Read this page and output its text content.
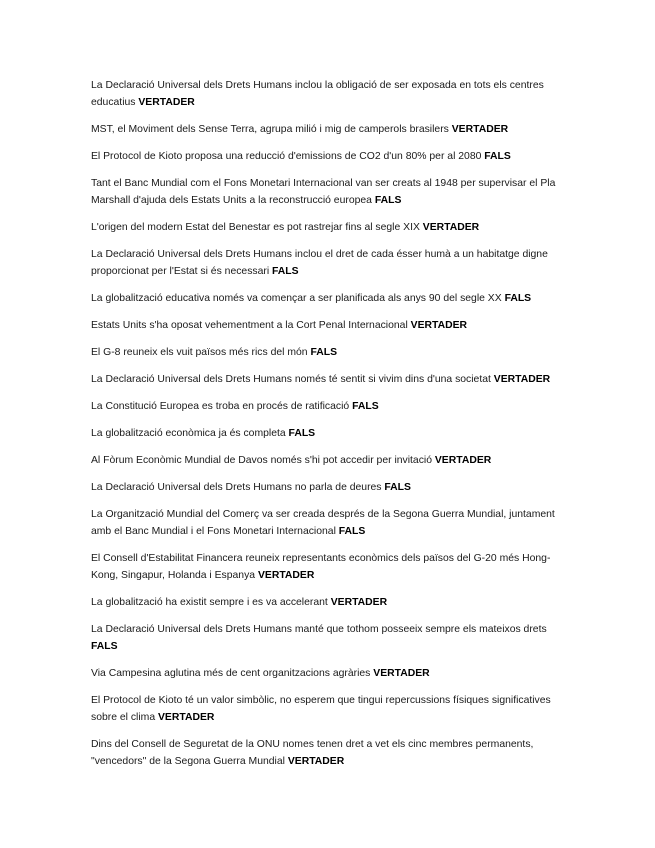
La Declaració Universal dels Drets Humans inclou la obligació de ser exposada en tots els centres educatius VERTADER
MST, el Moviment dels Sense Terra, agrupa milió i mig de camperols brasilers VERTADER
El Protocol de Kioto proposa una reducció d'emissions de CO2 d'un 80% per al 2080 FALS
Tant el Banc Mundial com el Fons Monetari Internacional van ser creats al 1948 per supervisar el Pla Marshall d'ajuda dels Estats Units a la reconstrucció europea FALS
L'origen del modern Estat del Benestar es pot rastrejar fins al segle XIX VERTADER
La Declaració Universal dels Drets Humans inclou el dret de cada ésser humà a un habitatge digne proporcionat per l'Estat si és necessari FALS
La globalització educativa només va començar a ser planificada als anys 90 del segle XX FALS
Estats Units s'ha oposat vehementment a la Cort Penal Internacional VERTADER
El G-8 reuneix els vuit països més rics del món FALS
La Declaració Universal dels Drets Humans només té sentit si vivim dins d'una societat VERTADER
La Constitució Europea es troba en procés de ratificació FALS
La globalització econòmica ja és completa FALS
Al Fòrum Econòmic Mundial de Davos només s'hi pot accedir per invitació VERTADER
La Declaració Universal dels Drets Humans no parla de deures FALS
La Organització Mundial del Comerç va ser creada després de la Segona Guerra Mundial, juntament amb el Banc Mundial i el Fons Monetari Internacional FALS
El Consell d'Estabilitat Financera reuneix representants econòmics dels països del G-20 més Hong-Kong, Singapur, Holanda i Espanya VERTADER
La globalització ha existit sempre i es va accelerant VERTADER
La Declaració Universal dels Drets Humans manté que tothom posseeix sempre els mateixos drets FALS
Via Campesina aglutina més de cent organitzacions agràries VERTADER
El Protocol de Kioto té un valor simbòlic, no esperem que tingui repercussions físiques significatives sobre el clima VERTADER
Dins del Consell de Seguretat de la ONU nomes tenen dret a vet els cinc membres permanents, "vencedors" de la Segona Guerra Mundial VERTADER
